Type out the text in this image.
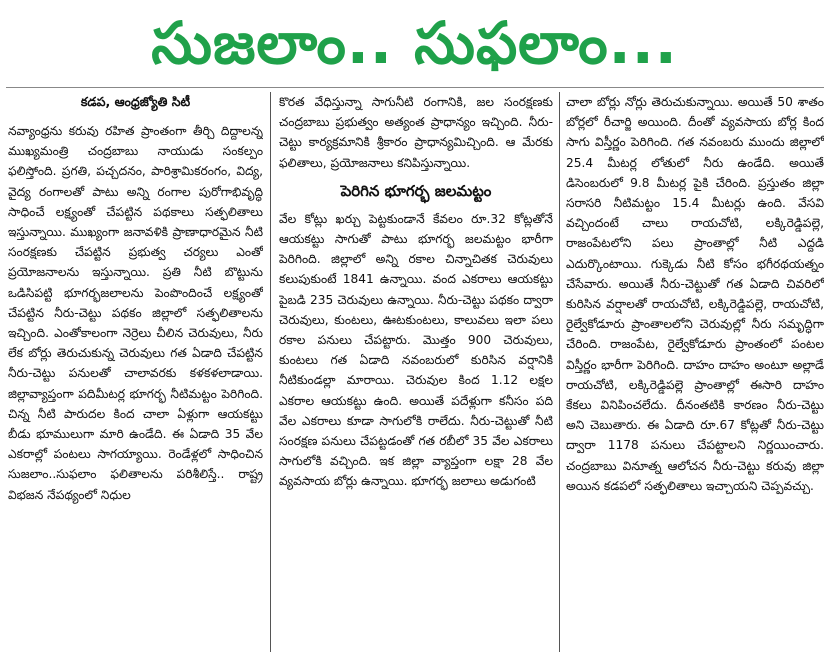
సుజలాం.. సుఫలాం...
కడప, ఆంధ్రజ్యోతి సిటీ

నవ్యాంధ్రను కరువు రహిత ప్రాంతంగా తీర్చి దిద్దాలన్న ముఖ్యమంత్రి చంద్రబాబు నాయుడు సంకల్పం ఫలిస్తోంది. ప్రగతి, పచ్చదనం, పారిశ్రామికరంగం, విద్య, వైద్య రంగాలతో పాటు అన్ని రంగాల పురోగాభివృద్ధి సాధించే లక్ష్యంతో చేపట్టిన పథకాలు సత్ఫలితాలు ఇస్తున్నాయి. ముఖ్యంగా జనావళికి ప్రాణాధారమైన నీటి సంరక్షణకు చేపట్టిన ప్రభుత్వ చర్యలు ఎంతో ప్రయోజనాలను ఇస్తున్నాయి. ప్రతి నీటి బొట్టును ఒడిసిపట్టి భూగర్భజలాలను పెంపొందించే లక్ష్యంతో చేపట్టిన నీరు-చెట్టు పథకం జిల్లాలో సత్ఫలితాలను ఇచ్చింది. ఎంతోకాలంగా నెర్రెలు చీలిన చెరువులు, నీరు లేక బోర్లు తెరుచుకున్న చెరువులు గత ఏడాది చేపట్టిన నీరు-చెట్టు పనులతో చాలావరకు కళకళలాడాయి. జిల్లావ్యాప్తంగా పదిమీటర్ల భూగర్భ నీటిమట్టం పెరిగింది. చిన్న నీటి పారుదల కింద చాలా ఏళ్లుగా ఆయకట్టు బీడు భూములుగా మారి ఉండేది. ఈ ఏడాది 35 వేల ఎకరాల్లో పంటలు సాగయ్యాయి. రెండేళ్లలో సాధించిన సుజలాం..సుఫలాం ఫలితాలను పరిశీలిస్తే.. రాష్ట్ర విభజన నేపథ్యంలో నిధుల

కొరత వేధిస్తున్నా సాగునీటి రంగానికి, జల సంరక్షణకు చంద్రబాబు ప్రభుత్వం అత్యంత ప్రాధాన్యం ఇచ్చింది. నీరు-చెట్టు కార్యక్రమానికి శ్రీకారం ప్రాధాన్యమిచ్చింది. ఆ మేరకు ఫలితాలు, ప్రయోజనాలు కనిపిస్తున్నాయి.

పెరిగిన భూగర్భ జలమట్టం

వేల కోట్లు ఖర్చు పెట్టకుండానే కేవలం రూ.32 కోట్లతోనే ఆయకట్టు సాగుతో పాటు భూగర్భ జలమట్టం భారీగా పెరిగింది. జిల్లాలో అన్ని రకాల చిన్నాచితక చెరువులు కలుపుకుంటే 1841 ఉన్నాయి. వంద ఎకరాలు ఆయకట్టు పైబడి 235 చెరువులు ఉన్నాయి. నీరు-చెట్టు పథకం ద్వారా చెరువులు, కుంటలు, ఊటకుంటలు, కాలువలు ఇలా పలు రకాల పనులు చేపట్టారు. మొత్తం 900 చెరువులు, కుంటలు గత ఏడాది నవంబరులో కురిసిన వర్షానికి నీటికుండల్లా మారాయి. చెరువుల కింద 1.12 లక్షల ఎకరాల ఆయకట్టు ఉంది. అయితే పదేళ్లుగా కనీసం పది వేల ఎకరాలు కూడా సాగులోకి రాలేదు. నీరు-చెట్టుతో నీటి సంరక్షణ పనులు చేపట్టడంతో గత రబీలో 35 వేల ఎకరాలు సాగులోకి వచ్చింది. ఇక జిల్లా వ్యాప్తంగా లక్షా 28 వేల వ్యవసాయ బోర్లు ఉన్నాయి. భూగర్భ జలాలు అడుగంటి

చాలా బోర్లు నోర్లు తెరుచుకున్నాయి. అయితే 50 శాతం బోర్లలో రీచార్జి అయింది. దీంతో వ్యవసాయ బోర్ల కింద సాగు విస్తీర్ణం పెరిగింది. గత నవంబరు ముందు జిల్లాలో 25.4 మీటర్ల లోతులో నీరు ఉండేది. అయితే డిసెంబరులో 9.8 మీటర్ల పైకి చేరింది. ప్రస్తుతం జిల్లా సరాసరి నీటిమట్టం 15.4 మీటర్లు ఉంది. వేసవి వచ్చిందంటే చాలు రాయచోటి, లక్కిరెడ్డిపల్లె, రాజంపేటలోని పలు ప్రాంతాల్లో నీటి ఎద్దడి ఎదుర్కొంటాయి. గుక్కెడు నీటి కోసం భగీరథయత్నం చేసేవారు. అయితే నీరు-చెట్టుతో గత ఏడాది చివరిలో కురిసిన వర్షాలతో రాయచోటి, లక్కిరెడ్డిపల్లె, రాయచోటి, రైల్వేకోడూరు ప్రాంతాలలోని చెరువుల్లో నీరు సమృద్ధిగా చేరింది. రాజంపేట, రైల్వేకోడూరు ప్రాంతంలో పంటల విస్తీర్ణం భారీగా పెరిగింది. దాహం దాహం అంటూ అల్లాడే రాయచోటి, లక్కిరెడ్డిపల్లె ప్రాంతాల్లో ఈసారి దాహం కేకలు వినిపించలేదు. దీనంతటికి కారణం నీరు-చెట్టు అని చెబుతారు. ఈ ఏడాది రూ.67 కోట్లతో నీరు-చెట్టు ద్వారా 1178 పనులు చేపట్టాలని నిర్ణయించారు. చంద్రబాబు వినూత్న ఆలోచన నీరు-చెట్టు కరువు జిల్లా అయిన కడపలో సత్ఫలితాలు ఇచ్చాయని చెప్పవచ్చు.
